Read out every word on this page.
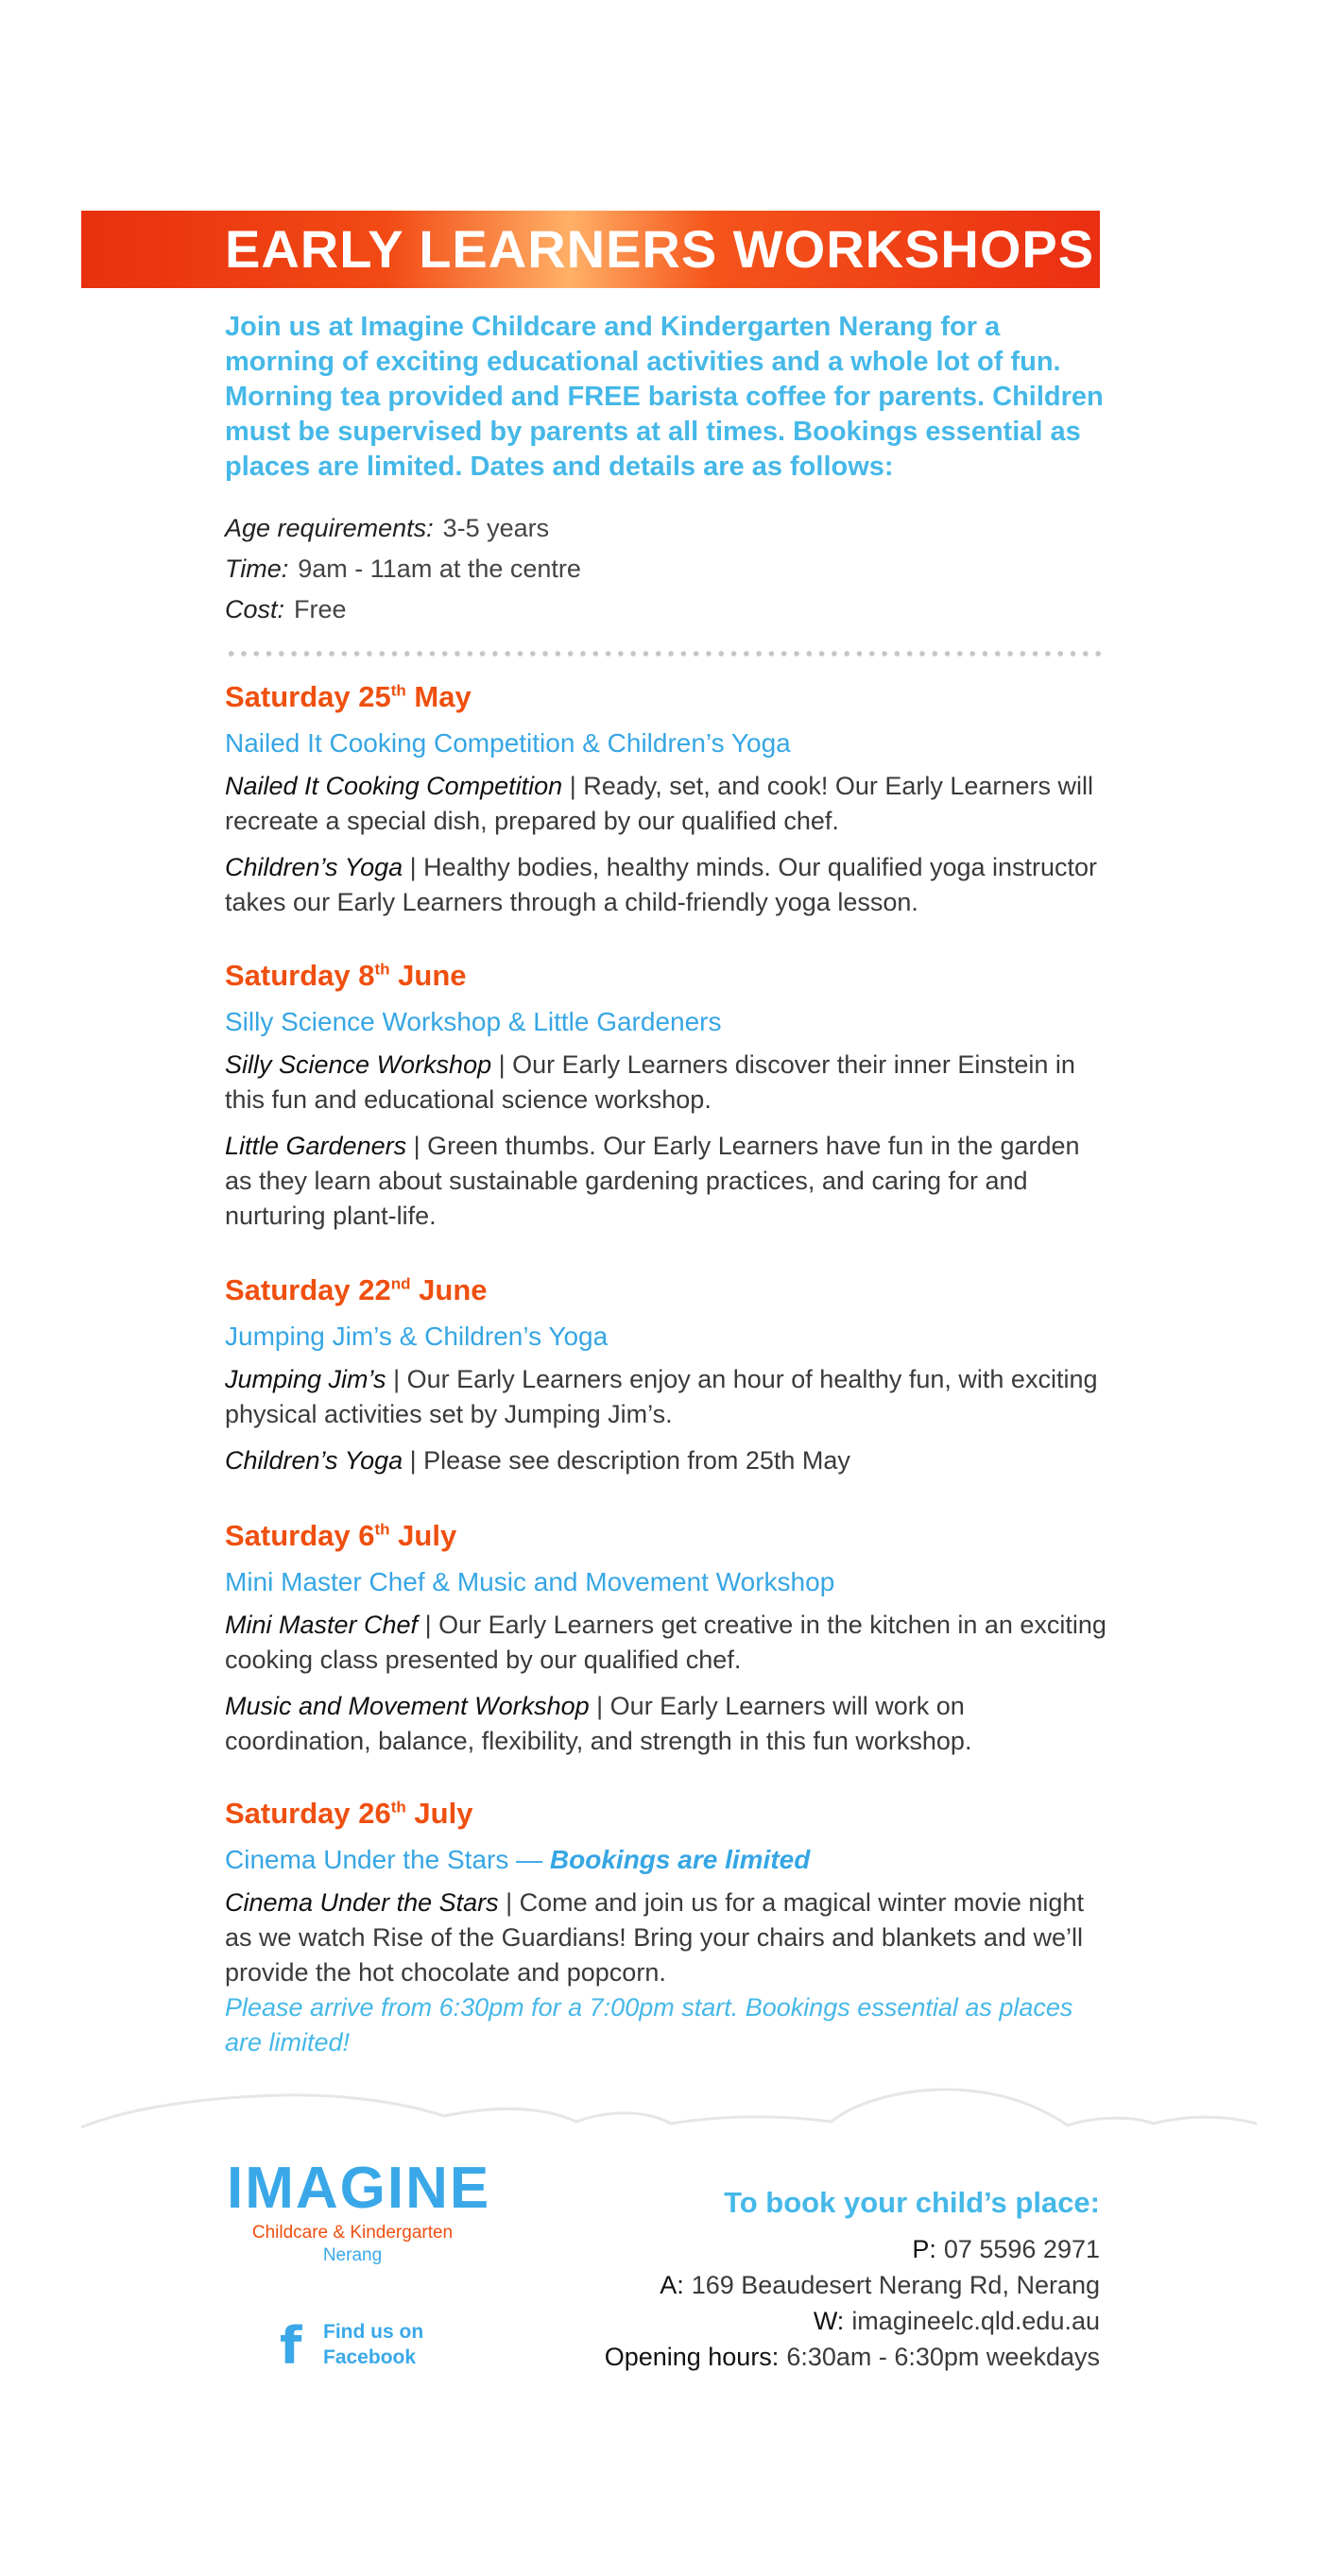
EARLY LEARNERS WORKSHOPS

Join us at Imagine Childcare and Kindergarten Nerang for a morning of exciting educational activities and a whole lot of fun. Morning tea provided and FREE barista coffee for parents. Children must be supervised by parents at all times. Bookings essential as places are limited. Dates and details are as follows:

Age requirements: 3-5 years
Time: 9am - 11am at the centre
Cost: Free

Saturday 25th May

Nailed It Cooking Competition & Children’s Yoga

Nailed It Cooking Competition | Ready, set, and cook! Our Early Learners will recreate a special dish, prepared by our qualified chef.

Children’s Yoga | Healthy bodies, healthy minds. Our qualified yoga instructor takes our Early Learners through a child-friendly yoga lesson.

Saturday 8th June

Silly Science Workshop & Little Gardeners

Silly Science Workshop | Our Early Learners discover their inner Einstein in this fun and educational science workshop.

Little Gardeners | Green thumbs. Our Early Learners have fun in the garden as they learn about sustainable gardening practices, and caring for and nurturing plant-life.

Saturday 22nd June

Jumping Jim’s & Children’s Yoga

Jumping Jim’s | Our Early Learners enjoy an hour of healthy fun, with exciting physical activities set by Jumping Jim’s.

Children’s Yoga | Please see description from 25th May

Saturday 6th July

Mini Master Chef & Music and Movement Workshop

Mini Master Chef | Our Early Learners get creative in the kitchen in an exciting cooking class presented by our qualified chef.

Music and Movement Workshop | Our Early Learners will work on coordination, balance, flexibility, and strength in this fun workshop.

Saturday 26th July

Cinema Under the Stars — Bookings are limited

Cinema Under the Stars | Come and join us for a magical winter movie night as we watch Rise of the Guardians! Bring your chairs and blankets and we’ll provide the hot chocolate and popcorn.

Please arrive from 6:30pm for a 7:00pm start. Bookings essential as places are limited!

IMAGINE
Childcare & Kindergarten
Nerang
f Find us on
Facebook

To book your child’s place:

P: 07 5596 2971
A: 169 Beaudesert Nerang Rd, Nerang
W: imagineelc.qld.edu.au
Opening hours: 6:30am - 6:30pm weekdays
